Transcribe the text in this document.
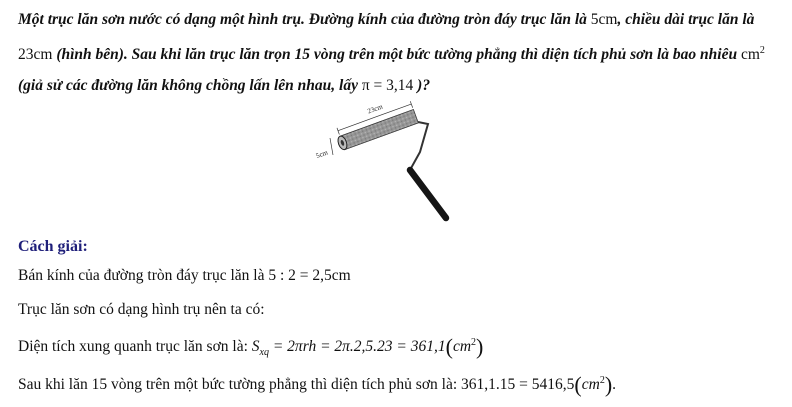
Một trục lăn sơn nước có dạng một hình trụ. Đường kính của đường tròn đáy trục lăn là 5cm, chiều dài trục lăn là 23cm (hình bên). Sau khi lăn trục lăn trọn 15 vòng trên một bức tường phẳng thì diện tích phủ sơn là bao nhiêu $cm^2$ (giả sử các đường lăn không chồng lấn lên nhau, lấy π = 3,14 )?
23cm
5cm
Cách giải:
Bán kính của đường tròn đáy trục lăn là 5 : 2 = 2,5cm
Trục lăn sơn có dạng hình trụ nên ta có:
Diện tích xung quanh trục lăn sơn là: $S_{xq} = 2\pi rh = 2\pi.2,5.23 = 361,1(cm^2)$
Sau khi lăn 15 vòng trên một bức tường phẳng thì diện tích phủ sơn là: $361,1.15 = 5416,5(cm^2)$.
